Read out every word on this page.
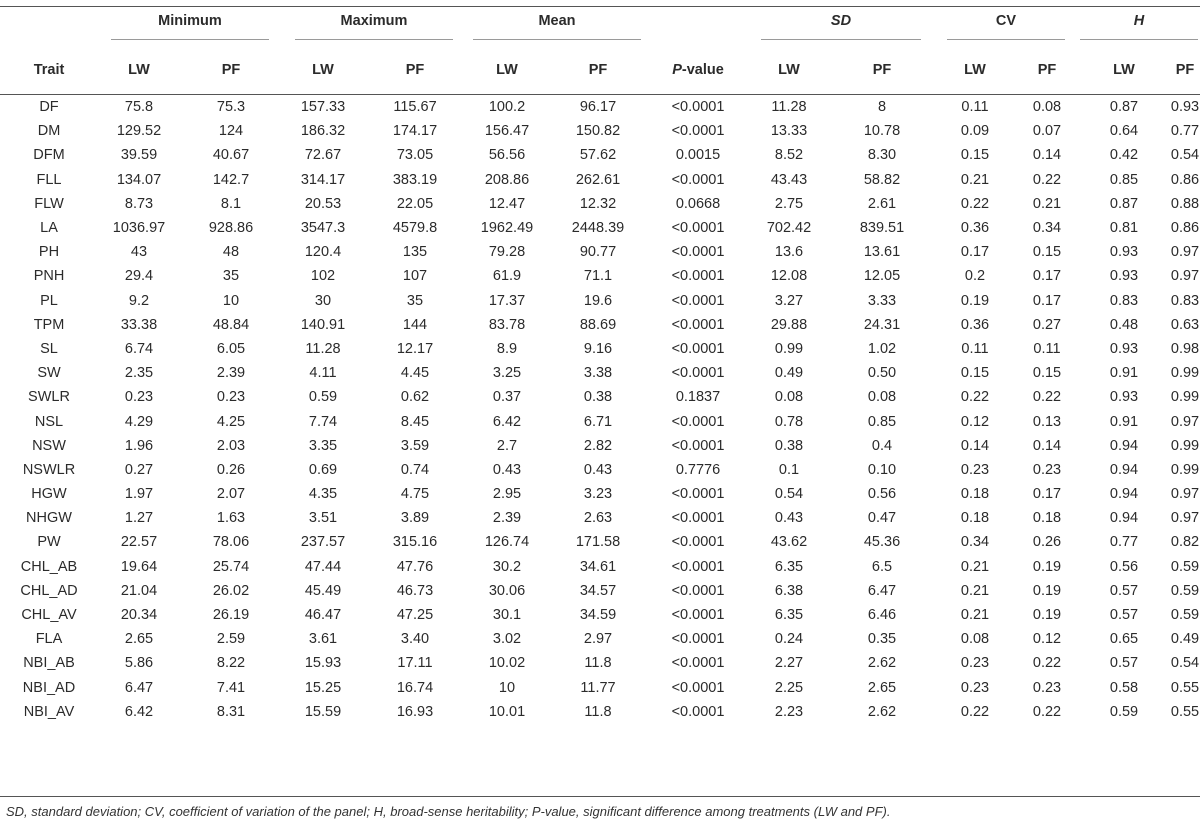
	Minimum		Maximum		Mean			SD		CV		H	

Trait	LW	PF	LW	PF	LW	PF	P-value	LW	PF	LW	PF	LW	PF
DF	75.8	75.3	157.33	115.67	100.2	96.17	<0.0001	11.28	8	0.11	0.08	0.87	0.93
DM	129.52	124	186.32	174.17	156.47	150.82	<0.0001	13.33	10.78	0.09	0.07	0.64	0.77
DFM	39.59	40.67	72.67	73.05	56.56	57.62	0.0015	8.52	8.30	0.15	0.14	0.42	0.54
FLL	134.07	142.7	314.17	383.19	208.86	262.61	<0.0001	43.43	58.82	0.21	0.22	0.85	0.86
FLW	8.73	8.1	20.53	22.05	12.47	12.32	0.0668	2.75	2.61	0.22	0.21	0.87	0.88
LA	1036.97	928.86	3547.3	4579.8	1962.49	2448.39	<0.0001	702.42	839.51	0.36	0.34	0.81	0.86
PH	43	48	120.4	135	79.28	90.77	<0.0001	13.6	13.61	0.17	0.15	0.93	0.97
PNH	29.4	35	102	107	61.9	71.1	<0.0001	12.08	12.05	0.2	0.17	0.93	0.97
PL	9.2	10	30	35	17.37	19.6	<0.0001	3.27	3.33	0.19	0.17	0.83	0.83
TPM	33.38	48.84	140.91	144	83.78	88.69	<0.0001	29.88	24.31	0.36	0.27	0.48	0.63
SL	6.74	6.05	11.28	12.17	8.9	9.16	<0.0001	0.99	1.02	0.11	0.11	0.93	0.98
SW	2.35	2.39	4.11	4.45	3.25	3.38	<0.0001	0.49	0.50	0.15	0.15	0.91	0.99
SWLR	0.23	0.23	0.59	0.62	0.37	0.38	0.1837	0.08	0.08	0.22	0.22	0.93	0.99
NSL	4.29	4.25	7.74	8.45	6.42	6.71	<0.0001	0.78	0.85	0.12	0.13	0.91	0.97
NSW	1.96	2.03	3.35	3.59	2.7	2.82	<0.0001	0.38	0.4	0.14	0.14	0.94	0.99
NSWLR	0.27	0.26	0.69	0.74	0.43	0.43	0.7776	0.1	0.10	0.23	0.23	0.94	0.99
HGW	1.97	2.07	4.35	4.75	2.95	3.23	<0.0001	0.54	0.56	0.18	0.17	0.94	0.97
NHGW	1.27	1.63	3.51	3.89	2.39	2.63	<0.0001	0.43	0.47	0.18	0.18	0.94	0.97
PW	22.57	78.06	237.57	315.16	126.74	171.58	<0.0001	43.62	45.36	0.34	0.26	0.77	0.82
CHL_AB	19.64	25.74	47.44	47.76	30.2	34.61	<0.0001	6.35	6.5	0.21	0.19	0.56	0.59
CHL_AD	21.04	26.02	45.49	46.73	30.06	34.57	<0.0001	6.38	6.47	0.21	0.19	0.57	0.59
CHL_AV	20.34	26.19	46.47	47.25	30.1	34.59	<0.0001	6.35	6.46	0.21	0.19	0.57	0.59
FLA	2.65	2.59	3.61	3.40	3.02	2.97	<0.0001	0.24	0.35	0.08	0.12	0.65	0.49
NBI_AB	5.86	8.22	15.93	17.11	10.02	11.8	<0.0001	2.27	2.62	0.23	0.22	0.57	0.54
NBI_AD	6.47	7.41	15.25	16.74	10	11.77	<0.0001	2.25	2.65	0.23	0.23	0.58	0.55
NBI_AV	6.42	8.31	15.59	16.93	10.01	11.8	<0.0001	2.23	2.62	0.22	0.22	0.59	0.55
SD, standard deviation; CV, coefficient of variation of the panel; H, broad-sense heritability; P-value, significant difference among treatments (LW and PF).
